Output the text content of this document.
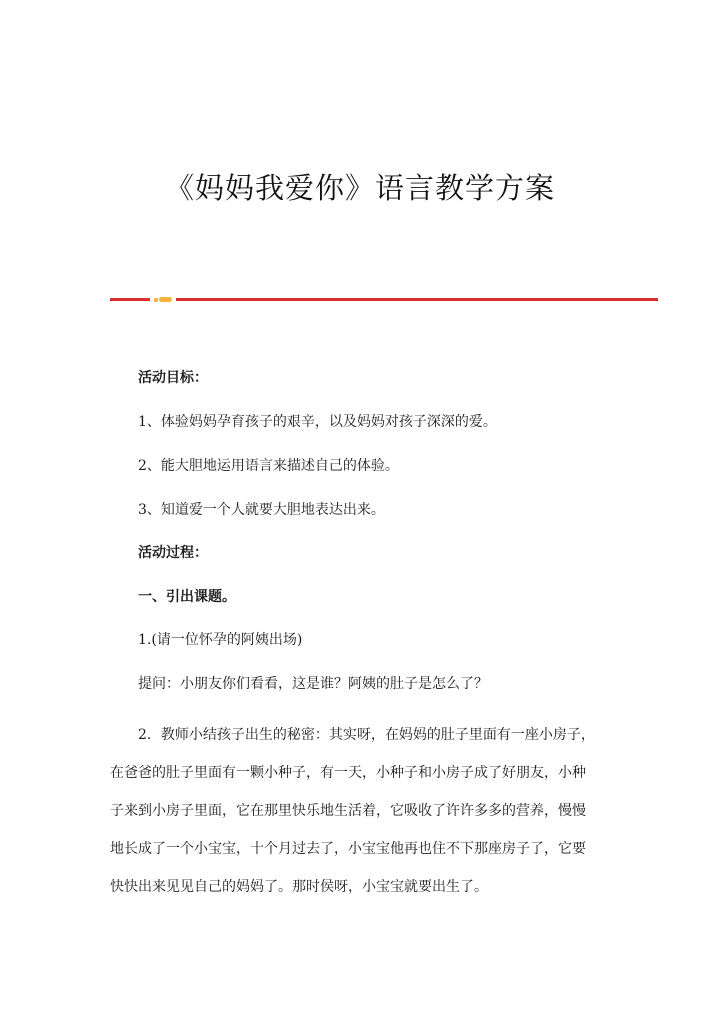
《妈妈我爱你》语言教学方案

活动目标：

1、体验妈妈孕育孩子的艰辛，以及妈妈对孩子深深的爱。

2、能大胆地运用语言来描述自己的体验。

3、知道爱一个人就要大胆地表达出来。

活动过程：

一、引出课题。

1.(请一位怀孕的阿姨出场)

提问：小朋友你们看看，这是谁？阿姨的肚子是怎么了？

2．教师小结孩子出生的秘密：其实呀，在妈妈的肚子里面有一座小房子，
在爸爸的肚子里面有一颗小种子，有一天，小种子和小房子成了好朋友，小种
子来到小房子里面，它在那里快乐地生活着，它吸收了许许多多的营养，慢慢
地长成了一个小宝宝，十个月过去了，小宝宝他再也住不下那座房子了，它要
快快出来见见自己的妈妈了。那时侯呀，小宝宝就要出生了。
